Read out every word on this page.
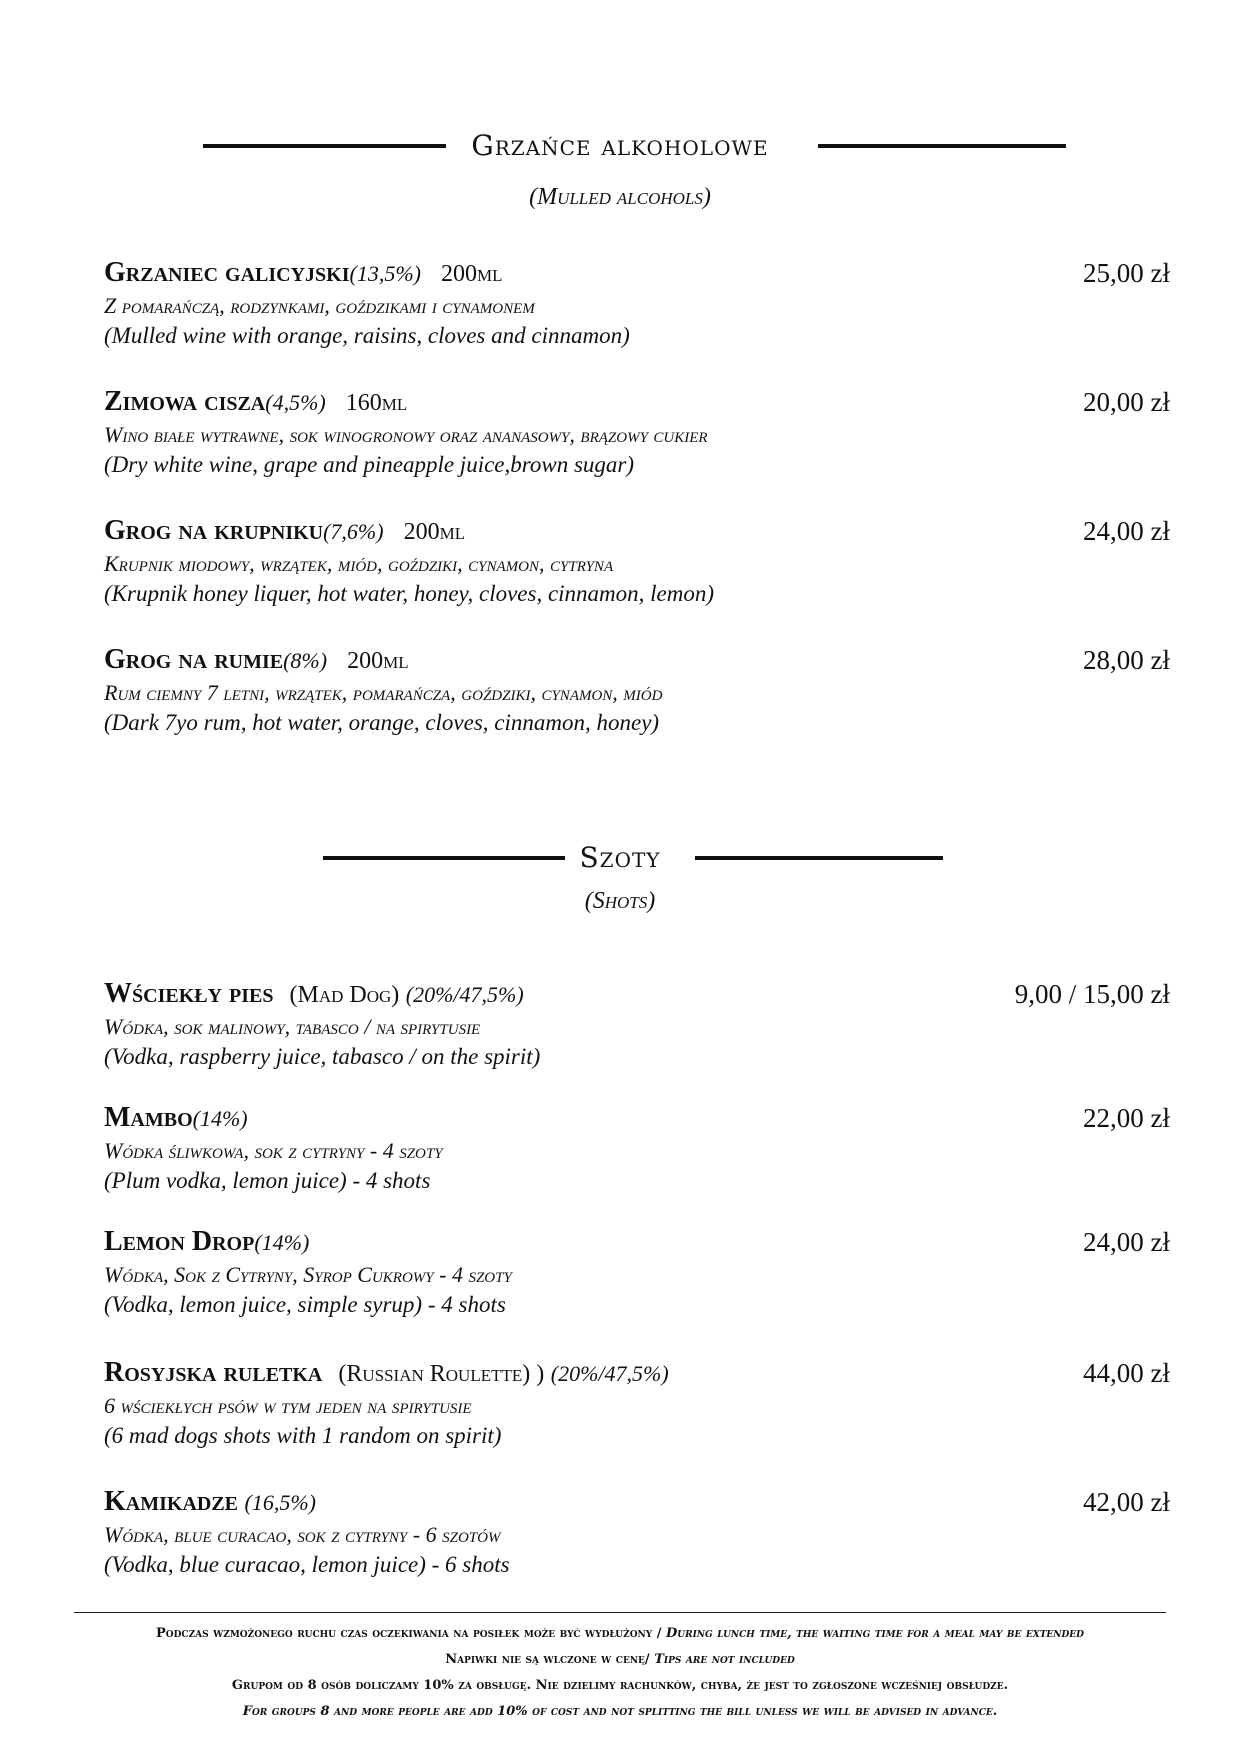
Grzańce alkoholowe
(Mulled alcohols)
Grzaniec galicyjski(13,5%) 200ml	25,00 zł
Z pomarańczą, rodzynkami, goździkami i cynamonem
(Mulled wine with orange, raisins, cloves and cinnamon)
Zimowa cisza(4,5%) 160ml	20,00 zł
Wino białe wytrawne, sok winogronowy oraz ananasowy, brązowy cukier
(Dry white wine, grape and pineapple juice,brown sugar)
Grog na krupniku(7,6%) 200ml	24,00 zł
Krupnik miodowy, wrzątek, miód, goździki, cynamon, cytryna
(Krupnik honey liquer, hot water, honey, cloves, cinnamon, lemon)
Grog na rumie(8%) 200ml	28,00 zł
Rum ciemny 7 letni, wrzątek, pomarańcza, goździki, cynamon, miód
(Dark 7yo rum, hot water, orange, cloves, cinnamon, honey)
Szoty
(Shots)
Wściekły pies (Mad Dog) (20%/47,5%)	9,00 / 15,00 zł
Wódka, sok malinowy, tabasco / na spirytusie
(Vodka, raspberry juice, tabasco / on the spirit)
Mambo(14%)	22,00 zł
Wódka śliwkowa, sok z cytryny - 4 szoty
(Plum vodka, lemon juice) - 4 shots
Lemon Drop(14%)	24,00 zł
Wódka, Sok z Cytryny, Syrop Cukrowy - 4 szoty
(Vodka, lemon juice, simple syrup) - 4 shots
Rosyjska ruletka (Russian Roulette) ) (20%/47,5%)	44,00 zł
6 wściekłych psów w tym jeden na spirytusie
(6 mad dogs shots with 1 random on spirit)
Kamikadze (16,5%)	42,00 zł
Wódka, blue curacao, sok z cytryny - 6 szotów
(Vodka, blue curacao, lemon juice) - 6 shots
Podczas wzmożonego ruchu czas oczekiwania na posiłek może być wydłużony / During lunch time, the waiting time for a meal may be extended
Napiwki nie są wlczone w cenę/ Tips are not included
Grupom od 8 osób doliczamy 10% za obsługę. Nie dzielimy rachunków, chyba, że jest to zgłoszone wcześniej obsłudze.
For groups 8 and more people are add 10% of cost and not splitting the bill unless we will be advised in advance.
